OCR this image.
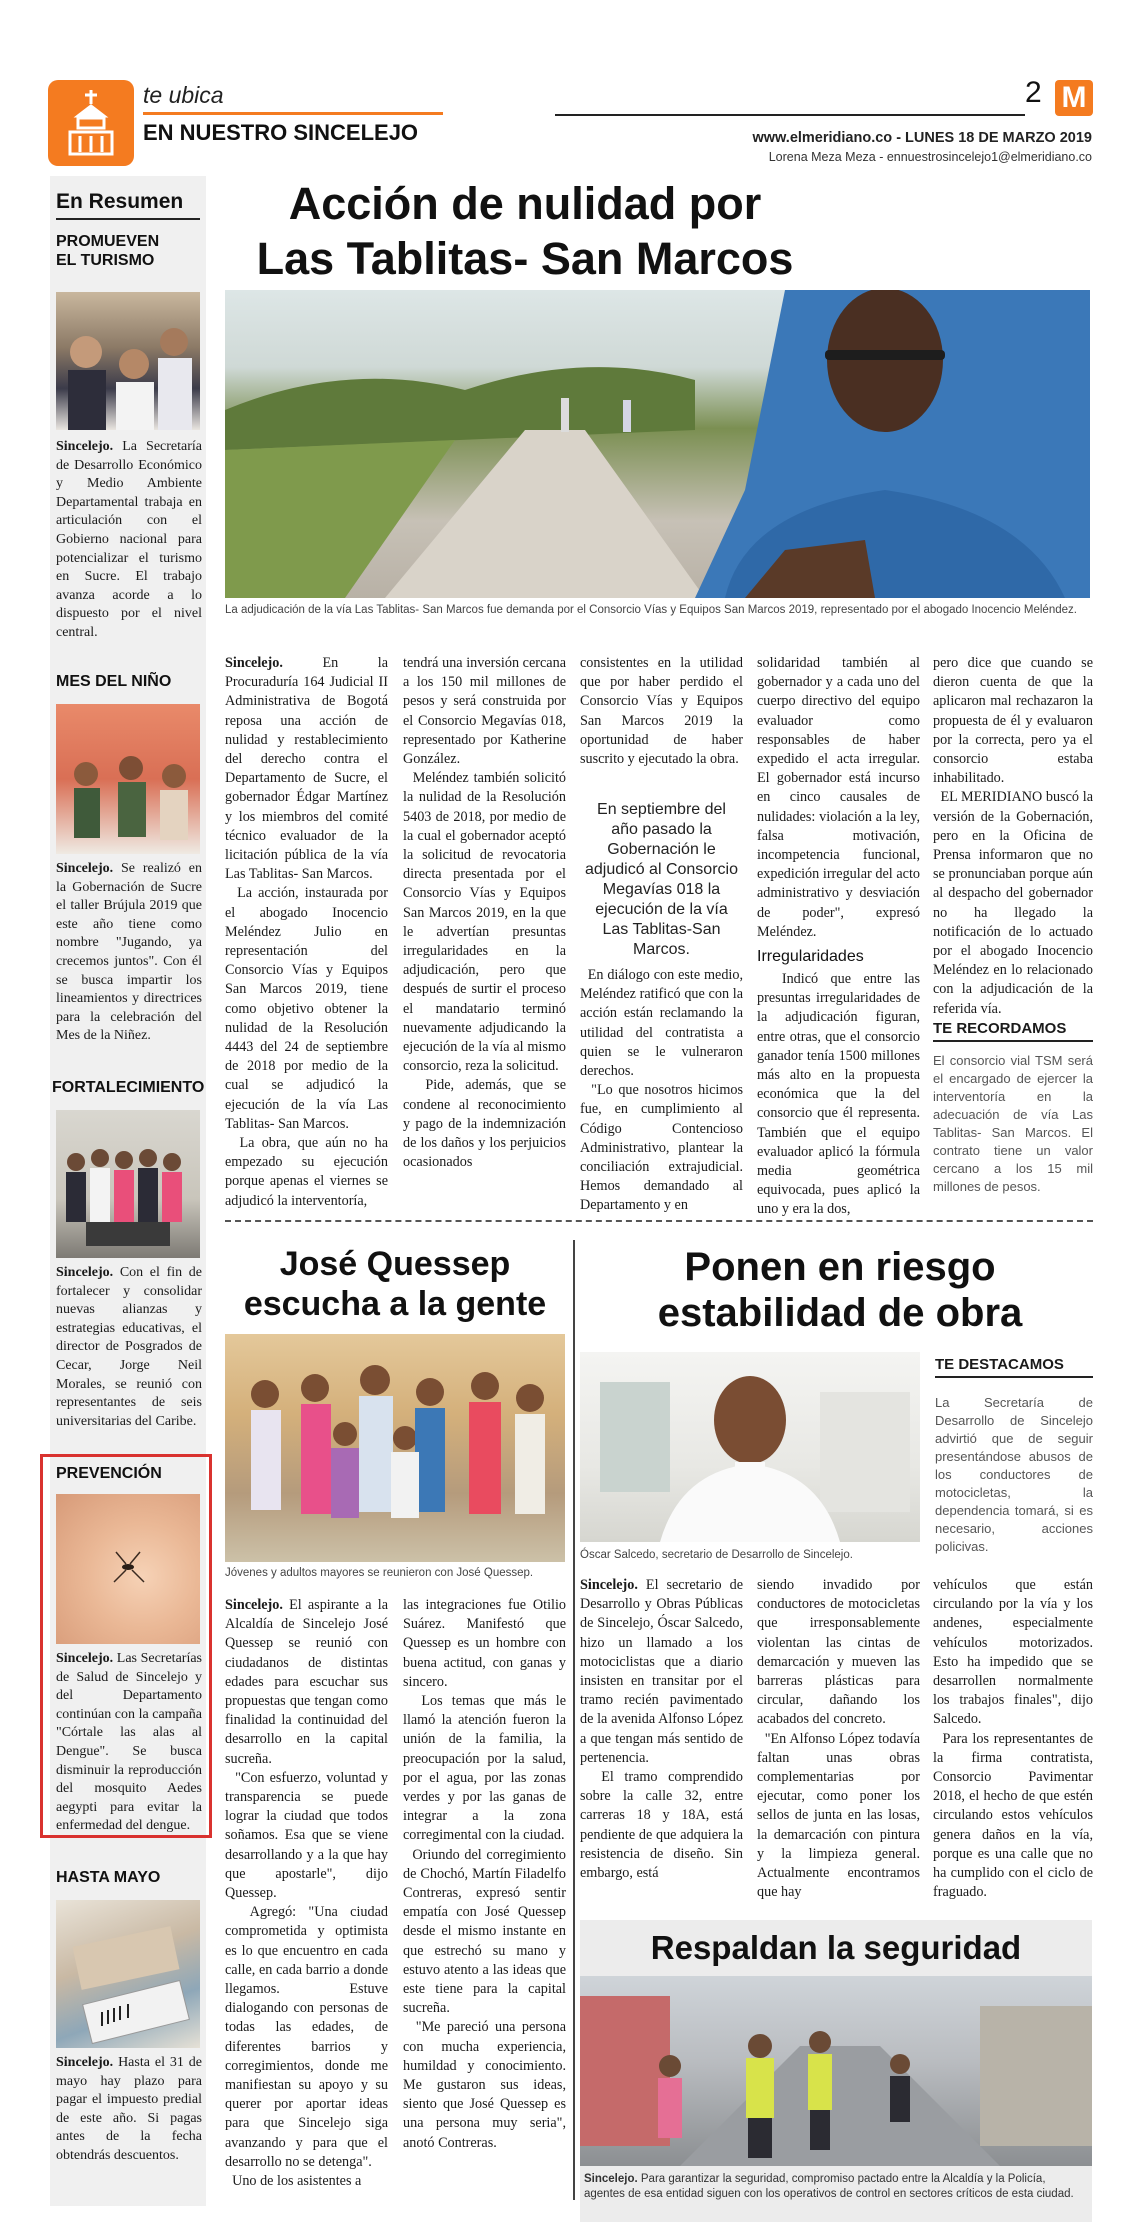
te ubica
EN NUESTRO SINCELEJO
2 M
www.elmeridiano.co - LUNES 18 DE MARZO 2019
Lorena Meza Meza - ennuestrosincelejo1@elmeridiano.co
En Resumen
PROMUEVEN
EL TURISMO
Sincelejo. La Secretaría de Desarrollo Económico y Medio Ambiente Departamental trabaja en articulación con el Gobierno nacional para potencializar el turismo en Sucre. El trabajo avanza acorde a lo dispuesto por el nivel central.
MES DEL NIÑO
Sincelejo. Se realizó en la Gobernación de Sucre el taller Brújula 2019 que este año tiene como nombre "Jugando, ya crecemos juntos". Con él se busca impartir los lineamientos y directrices para la celebración del Mes de la Niñez.
FORTALECIMIENTO
Sincelejo. Con el fin de fortalecer y consolidar nuevas alianzas y estrategias educativas, el director de Posgrados de Cecar, Jorge Neil Morales, se reunió con representantes de seis universitarias del Caribe.
PREVENCIÓN
Sincelejo. Las Secretarías de Salud de Sincelejo y del Departamento continúan con la campaña "Córtale las alas al Dengue". Se busca disminuir la reproducción del mosquito Aedes aegypti para evitar la enfermedad del dengue.
HASTA MAYO
Sincelejo. Hasta el 31 de mayo hay plazo para pagar el impuesto predial de este año. Si pagas antes de la fecha obtendrás descuentos.
Acción de nulidad por
Las Tablitas- San Marcos
La adjudicación de la vía Las Tablitas- San Marcos fue demanda por el Consorcio Vías y Equipos San Marcos 2019, representado por el abogado Inocencio Meléndez.
Sincelejo.	En la Procuraduría 164 Judicial II Administrativa de Bogotá reposa una acción de nulidad y restablecimiento del derecho contra el Departamento de Sucre, el gobernador Édgar Martínez y los miembros del comité técnico evaluador de la licitación pública de la vía Las Tablitas- San Marcos.
La acción, instaurada por el abogado Inocencio Meléndez Julio en representación del Consorcio Vías y Equipos San Marcos 2019, tiene como objetivo obtener la nulidad de la Resolución 4443 del 24 de septiembre de 2018 por medio de la cual se adjudicó la ejecución de la vía Las Tablitas- San Marcos.
La obra, que aún no ha empezado su ejecución porque apenas el viernes se adjudicó la interventoría,
tendrá una inversión cercana a los 150 mil millones de pesos y será construida por el Consorcio Megavías 018, representado por Katherine González.
Meléndez también solicitó la nulidad de la Resolución 5403 de 2018, por medio de la cual el gobernador aceptó la solicitud de revocatoria directa presentada por el Consorcio Vías y Equipos San Marcos 2019, en la que le advertían presuntas irregularidades en la adjudicación, pero que después de surtir el proceso el mandatario terminó nuevamente adjudicando la ejecución de la vía al mismo consorcio, reza la solicitud.
Pide, además, que se condene al reconocimiento y pago de la indemnización de los daños y los perjuicios ocasionados
consistentes en la utilidad que por haber perdido el Consorcio Vías y Equipos San Marcos 2019 la oportunidad de haber suscrito y ejecutado la obra.
En septiembre del año pasado la Gobernación le adjudicó al Consorcio Megavías 018 la ejecución de la vía Las Tablitas-San Marcos.
En diálogo con este medio, Meléndez ratificó que con la acción están reclamando la utilidad del contratista a quien se le vulneraron derechos.
"Lo que nosotros hicimos fue, en cumplimiento al Código Contencioso Administrativo, plantear la conciliación extrajudicial. Hemos demandado al Departamento y en
solidaridad también al gobernador y a cada uno del cuerpo directivo del equipo evaluador como responsables de haber expedido el acta irregular. El gobernador está incurso en cinco causales de nulidades: violación a la ley, falsa motivación, incompetencia funcional, expedición irregular del acto administrativo y desviación de poder", expresó Meléndez.
Irregularidades
Indicó que entre las presuntas irregularidades de la adjudicación figuran, entre otras, que el consorcio ganador tenía 1500 millones más alto en la propuesta económica que la del consorcio que él representa. También que el equipo evaluador aplicó la fórmula media geométrica equivocada, pues aplicó la uno y era la dos,
pero dice que cuando se dieron cuenta de que la aplicaron mal rechazaron la propuesta de él y evaluaron por la correcta, pero ya el consorcio estaba inhabilitado.
EL MERIDIANO buscó la versión de la Gobernación, pero en la Oficina de Prensa informaron que no se pronunciaban porque aún al despacho del gobernador no ha llegado la notificación de lo actuado por el abogado Inocencio Meléndez en lo relacionado con la adjudicación de la referida vía.
TE RECORDAMOS
El consorcio vial TSM será el encargado de ejercer la interventoría en la adecuación de vía Las Tablitas- San Marcos. El contrato tiene un valor cercano a los 15 mil millones de pesos.
José Quessep
escucha a la gente
Jóvenes y adultos mayores se reunieron con José Quessep.
Sincelejo. El aspirante a la Alcaldía de Sincelejo José Quessep se reunió con ciudadanos de distintas edades para escuchar sus propuestas que tengan como finalidad la continuidad del desarrollo en la capital sucreña.
"Con esfuerzo, voluntad y transparencia se puede lograr la ciudad que todos soñamos. Esa que se viene desarrollando y a la que hay que apostarle", dijo Quessep.
Agregó: "Una ciudad comprometida y optimista es lo que encuentro en cada calle, en cada barrio a donde llegamos. Estuve dialogando con personas de todas las edades, de diferentes barrios y corregimientos, donde me manifiestan su apoyo y su querer por aportar ideas para que Sincelejo siga avanzando y para que el desarrollo no se detenga".
Uno de los asistentes a
las integraciones fue Otilio Suárez. Manifestó que Quessep es un hombre con buena actitud, con ganas y sincero.
Los temas que más le llamó la atención fueron la unión de la familia, la preocupación por la salud, por el agua, por las zonas verdes y por las ganas de integrar a la zona corregimental con la ciudad.
Oriundo del corregimiento de Chochó, Martín Filadelfo Contreras, expresó sentir empatía con José Quessep desde el mismo instante en que estrechó su mano y estuvo atento a las ideas que este tiene para la capital sucreña.
"Me pareció una persona con mucha experiencia, humildad y conocimiento. Me gustaron sus ideas, siento que José Quessep es una persona muy seria", anotó Contreras.
Ponen en riesgo
estabilidad de obra
Óscar Salcedo, secretario de Desarrollo de Sincelejo.
TE DESTACAMOS
La Secretaría de Desarrollo de Sincelejo advirtió que de seguir presentándose abusos de los conductores de motocicletas, la dependencia tomará, si es necesario, acciones policivas.
Sincelejo. El secretario de Desarrollo y Obras Públicas de Sincelejo, Óscar Salcedo, hizo un llamado a los motociclistas que a diario insisten en transitar por el tramo recién pavimentado de la avenida Alfonso López a que tengan más sentido de pertenencia.
El tramo comprendido sobre la calle 32, entre carreras 18 y 18A, está pendiente de que adquiera la resistencia de diseño. Sin embargo, está
siendo invadido por conductores de motocicletas que irresponsablemente violentan las cintas de demarcación y mueven las barreras plásticas para circular, dañando los acabados del concreto.
"En Alfonso López todavía faltan unas obras complementarias por ejecutar, como poner los sellos de junta en las losas, la demarcación con pintura y la limpieza general. Actualmente encontramos que hay
vehículos que están circulando por la vía y los andenes, especialmente vehículos motorizados. Esto ha impedido que se desarrollen normalmente los trabajos finales", dijo Salcedo.
Para los representantes de la firma contratista, Consorcio Pavimentar 2018, el hecho de que estén circulando estos vehículos genera daños en la vía, porque es una calle que no ha cumplido con el ciclo de fraguado.
Respaldan la seguridad
Sincelejo. Para garantizar la seguridad, compromiso pactado entre la Alcaldía y la Policía, agentes de esa entidad siguen con los operativos de control en sectores críticos de esta ciudad.
